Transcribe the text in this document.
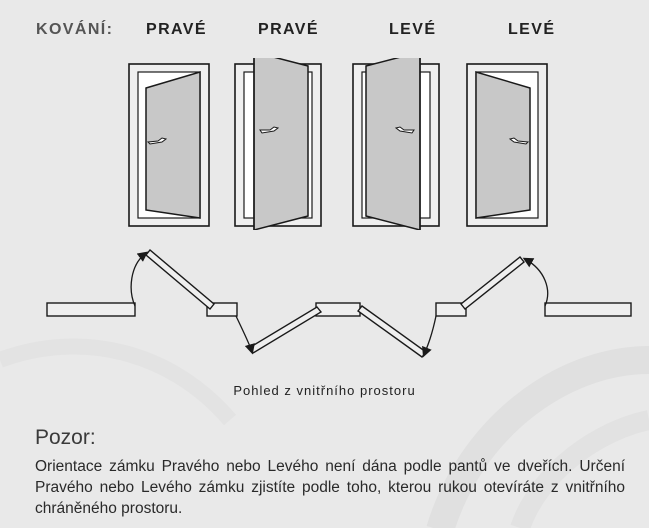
KOVÁNÍ: PRAVÉ	PRAVÉ	LEVÉ	LEVÉ
Pohled z vnitřního prostoru
Pozor:
Orientace zámku Pravého nebo Levého není dána podle pantů ve dveřích. Určení Pravého nebo Levého zámku zjistíte podle toho, kterou rukou otevíráte z vnitřního chráněného prostoru.
